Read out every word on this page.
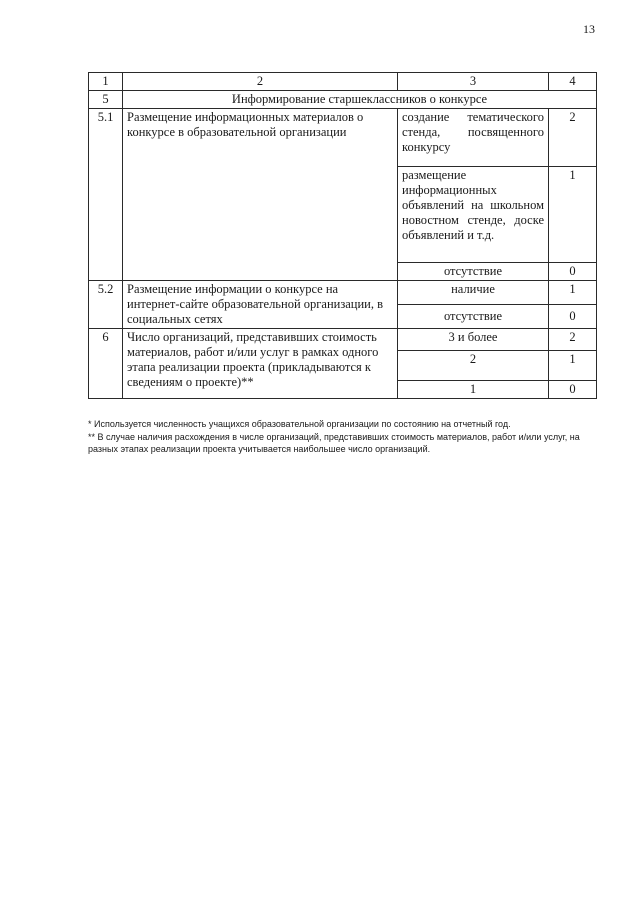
13
1	2	3	4
5	Информирование старшеклассников о конкурсе		
5.1	Размещение информационных материалов о конкурсе в образовательной организации	создание тематического стенда, посвященного конкурсу	2
		размещение информационных объявлений на школьном новостном стенде, доске объявлений и т.д.	1
		отсутствие	0
5.2	Размещение информации о конкурсе на интернет-сайте образовательной организации, в социальных сетях	наличие	1
		отсутствие	0
6	Число организаций, представивших стоимость материалов, работ и/или услуг в рамках одного этапа реализации проекта (прикладываются к сведениям о проекте)**	3 и более	2
		2	1
		1	0

* Используется численность учащихся образовательной организации по состоянию на отчетный год.

** В случае наличия расхождения в числе организаций, представивших стоимость материалов, работ и/или услуг, на разных этапах реализации проекта учитывается наибольшее число организаций.
